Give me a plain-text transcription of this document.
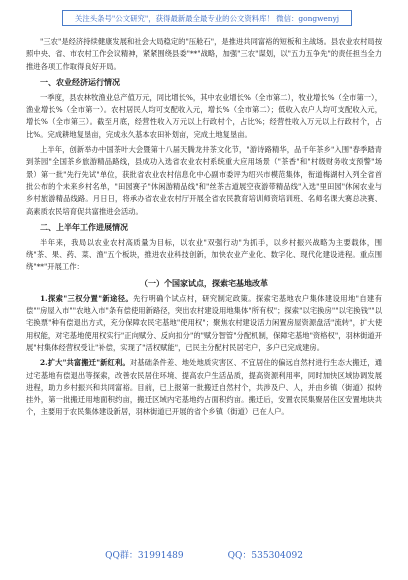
关注头条号"公文研究"，获得最新最全最专业的公文资料库！ 微信：gongwenyj

"三农"是经济持续健康发展和社会大局稳定的"压舱石"，是推进共同富裕的短板和主战场。县农业农村局按照中央、省、市农村工作会议精神，紧紧围绕县委"**"战略，加强"三农"谋划，以"五力五争先"的责任担当全力推进各项工作取得良好开局。

一、农业经济运行情况

一季度，县农林牧渔业总产值万元，同比增长%，其中农业增长%（全市第二），牧业增长%（全市第一），渔业增长%（全市第一）。农村居民人均可支配收入元，增长%（全市第二）；低收入农户人均可支配收入元，增长%（全市第三）。截至月底，经营性收入万元以上行政村个，占比%；经营性收入万元以上行政村个，占比%。完成耕地复垦亩，完成永久基本农田补划亩，完成土地复垦亩。

上半年，创新举办中国茶叶大会暨第十八届天腾龙井茶文化节，"游诗路精华，品千年茶乡"入围"春季踏青到茶园"全国茶乡旅游精品路线，县成功入选省农业农村系统重大应用场景（"茶香"和"村级财务收支预警"场景）第一批"先行先试"单位，获批省农业农村信息化中心副市委评为绍兴市模范集体，衔道梅湖村入列全省首批公布的个未来乡村名单，"田园赛子"休闲游精品线"和"丝茶古道展空夜游带精品线"入选"里田园"休闲农业与乡村旅游精品线路。月日日，将承办省农业农村厅开展全省农民教育培训师资培训班、名师名课大赛总决赛、高素质农民培育促共富推进会活动。

二、上半年工作进展情况

半年来，我局以农业农村高质量为目标，以农业"双强行动"为抓手，以乡村振兴战略为主要载体，围绕"茶、果、药、菜、渔"五个板块，推进农业科技创新，加快农业产业化、数字化、现代化建设进程。重点围绕"**"开展工作：

（一）个国家试点，探索宅基地改革

1.探索"三权分置"新途径。先行明确个试点村，研究制定政策。探索宅基地农户集体建设用地"自建有偿""房屋入市""农地入市"条有偿使用新路径，突出农村建设用地集体"所有权"；探索"以宅换房""以宅换钱""以宅换票"种有偿退出方式，充分保障农民宅基地"使用权"；聚焦农村建设活力闲置房屋资源盘活"流转"，扩大使用权能，对宅基地使用权实行"正向赋分、反向扣分"的"赋分智管"分配机制，保障宅基地"资格权"，羽林街道开展"村集体经营权受让"补偿，实现了"活权赋能"，已民主分配村民居宅户，多户已完成建房。

2.扩大"共富搬迁"新红利。对基础条件差、地处地质灾害区、不宜居住的偏远自然村进行生态大搬迁，通过宅基地有偿退出等探索，改善农民居住环境、提高农户生活品质，提高资源利用率，同时加快区域协调发展进程，助力乡村振兴和共同富裕。目前，已上报第一批搬迁自然村个，共涉及户、人，并由乡镇（街道）拟转挂外，第一批搬迁用地面积约亩，搬迁区域内宅基地约占面积约亩。搬迁后，安置农民集聚居住区安置地块共个，主要用于农民集体建设新居，羽林街道已开展的省个乡镇（街道）已在人户。

QQ群：31991489	QQ：535304092
